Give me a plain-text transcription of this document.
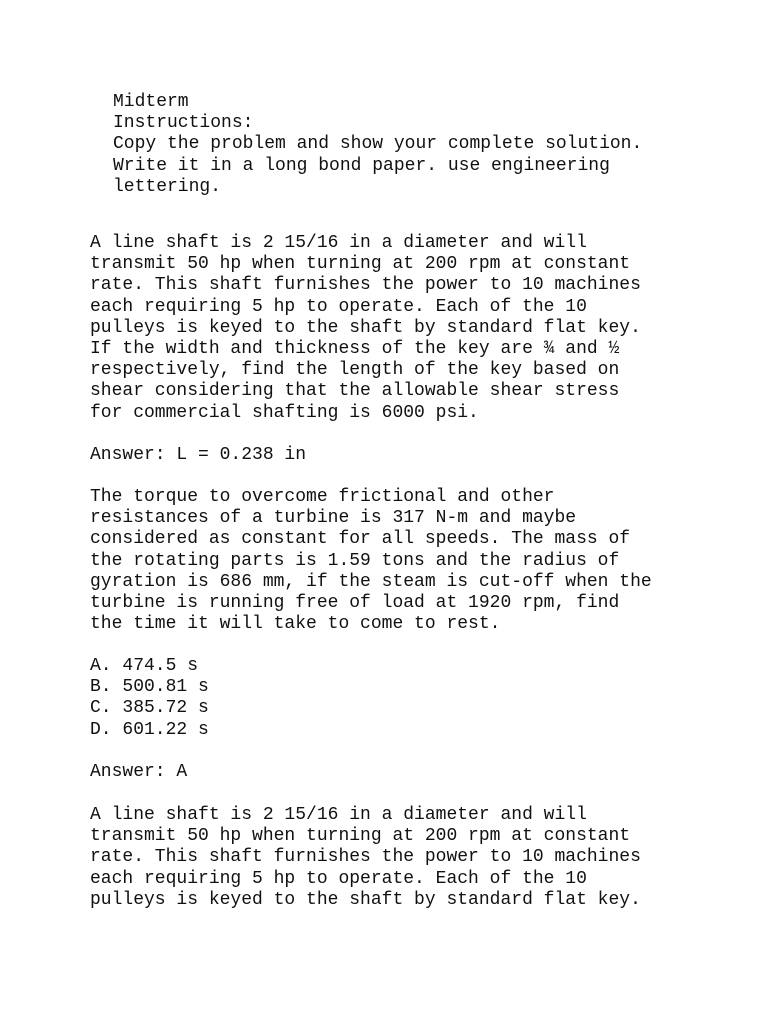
Midterm
Instructions:
Copy the problem and show your complete solution.
Write it in a long bond paper. use engineering
lettering.
A line shaft is 2 15/16 in a diameter and will
transmit 50 hp when turning at 200 rpm at constant
rate. This shaft furnishes the power to 10 machines
each requiring 5 hp to operate. Each of the 10
pulleys is keyed to the shaft by standard flat key.
If the width and thickness of the key are ¾ and ½
respectively, find the length of the key based on
shear considering that the allowable shear stress
for commercial shafting is 6000 psi.
Answer: L = 0.238 in
The torque to overcome frictional and other
resistances of a turbine is 317 N-m and maybe
considered as constant for all speeds. The mass of
the rotating parts is 1.59 tons and the radius of
gyration is 686 mm, if the steam is cut-off when the
turbine is running free of load at 1920 rpm, find
the time it will take to come to rest.
A. 474.5 s
B. 500.81 s
C. 385.72 s
D. 601.22 s
Answer: A
A line shaft is 2 15/16 in a diameter and will
transmit 50 hp when turning at 200 rpm at constant
rate. This shaft furnishes the power to 10 machines
each requiring 5 hp to operate. Each of the 10
pulleys is keyed to the shaft by standard flat key.
